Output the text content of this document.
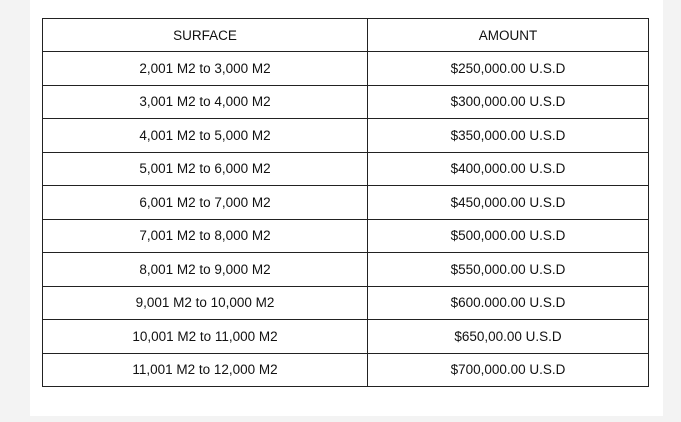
SURFACE	AMOUNT
2,001 M2 to 3,000 M2	$250,000.00 U.S.D
3,001 M2 to 4,000 M2	$300,000.00 U.S.D
4,001 M2 to 5,000 M2	$350,000.00 U.S.D
5,001 M2 to 6,000 M2	$400,000.00 U.S.D
6,001 M2 to 7,000 M2	$450,000.00 U.S.D
7,001 M2 to 8,000 M2	$500,000.00 U.S.D
8,001 M2 to 9,000 M2	$550,000.00 U.S.D
9,001 M2 to 10,000 M2	$600.000.00 U.S.D
10,001 M2 to 11,000 M2	$650,00.00 U.S.D
11,001 M2 to 12,000 M2	$700,000.00 U.S.D
